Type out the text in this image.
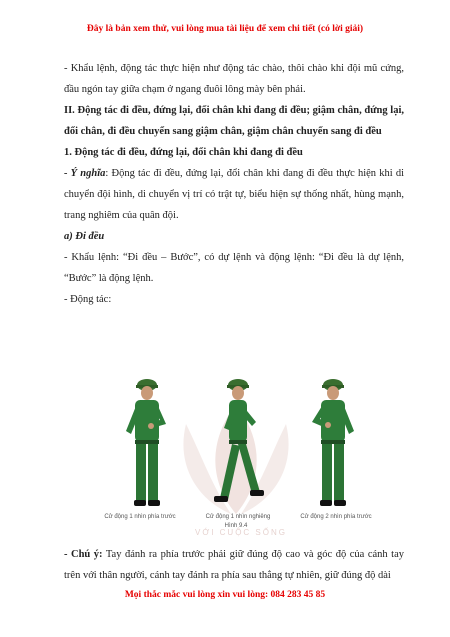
Đây là bản xem thử, vui lòng mua tài liệu để xem chi tiết (có lời giải)

- Khẩu lệnh, động tác thực hiện như động tác chào, thôi chào khi đội mũ cứng, đầu ngón tay giữa chạm ở ngang đuôi lông mày bên phải.

II. Động tác đi đều, đứng lại, đổi chân khi đang đi đều; giậm chân, đứng lại, đổi chân, đi đều chuyển sang giậm chân, giậm chân chuyển sang đi đều

1. Động tác đi đều, đứng lại, đổi chân khi đang đi đều

- Ý nghĩa: Động tác đi đều, đứng lại, đổi chân khi đang đi đều thực hiện khi di chuyển đội hình, di chuyển vị trí có trật tự, biểu hiện sự thống nhất, hùng mạnh, trang nghiêm của quân đội.

a) Đi đều

- Khẩu lệnh: “Đi đều – Bước”, có dự lệnh và động lệnh: “Đi đều là dự lệnh, “Bước” là động lệnh.

- Động tác:

Cử động 1 nhìn phía trước	Cử động 1 nhìn nghiêng	Cử động 2 nhìn phía trước
Hình 9.4
VỚI CUỘC SỐNG

- Chú ý: Tay đánh ra phía trước phải giữ đúng độ cao và góc độ của cánh tay trên với thân người, cánh tay đánh ra phía sau thẳng tự nhiên, giữ đúng độ dài

Mọi thắc mắc vui lòng xin vui lòng: 084 283 45 85
